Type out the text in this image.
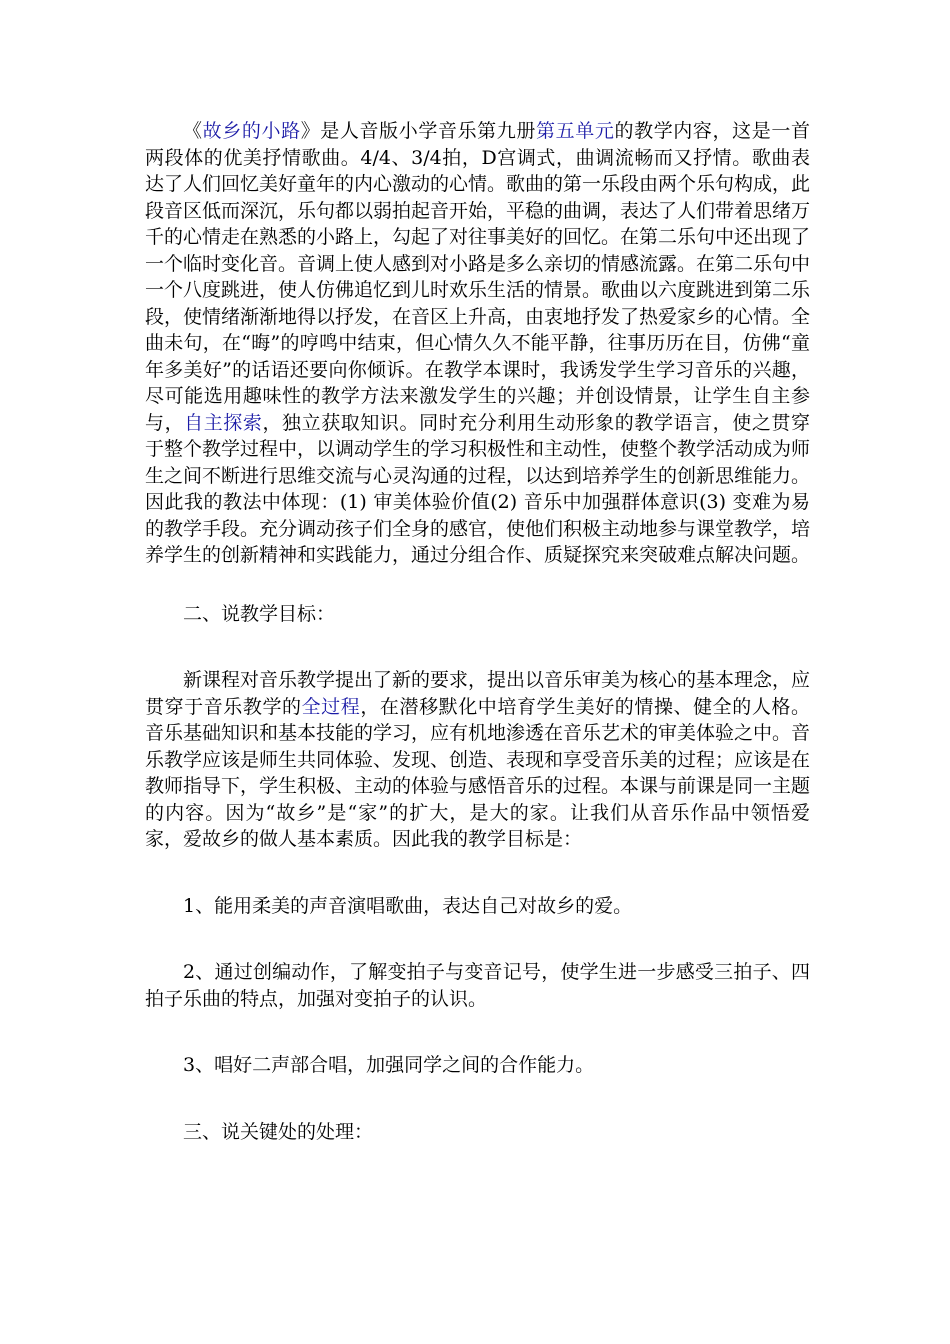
《故乡的小路》是人音版小学音乐第九册第五单元的教学内容，这是一首两段体的优美抒情歌曲。4/4、3/4拍，D宫调式，曲调流畅而又抒情。歌曲表达了人们回忆美好童年的内心激动的心情。歌曲的第一乐段由两个乐句构成，此段音区低而深沉，乐句都以弱拍起音开始，平稳的曲调，表达了人们带着思绪万千的心情走在熟悉的小路上，勾起了对往事美好的回忆。在第二乐句中还出现了一个临时变化音。音调上使人感到对小路是多么亲切的情感流露。在第二乐句中一个八度跳进，使人仿佛追忆到儿时欢乐生活的情景。歌曲以六度跳进到第二乐段，使情绪渐渐地得以抒发，在音区上升高，由衷地抒发了热爱家乡的心情。全曲未句，在“晦”的哼鸣中结束，但心情久久不能平静，往事历历在目，仿佛“童年多美好”的话语还要向你倾诉。在教学本课时，我诱发学生学习音乐的兴趣，尽可能选用趣味性的教学方法来激发学生的兴趣；并创设情景，让学生自主参与，自主探索，独立获取知识。同时充分利用生动形象的教学语言，使之贯穿于整个教学过程中，以调动学生的学习积极性和主动性，使整个教学活动成为师生之间不断进行思维交流与心灵沟通的过程，以达到培养学生的创新思维能力。因此我的教法中体现：(1) 审美体验价值(2) 音乐中加强群体意识(3) 变难为易的教学手段。充分调动孩子们全身的感官，使他们积极主动地参与课堂教学，培养学生的创新精神和实践能力，通过分组合作、质疑探究来突破难点解决问题。

二、说教学目标：

新课程对音乐教学提出了新的要求，提出以音乐审美为核心的基本理念，应贯穿于音乐教学的全过程，在潜移默化中培育学生美好的情操、健全的人格。音乐基础知识和基本技能的学习，应有机地渗透在音乐艺术的审美体验之中。音乐教学应该是师生共同体验、发现、创造、表现和享受音乐美的过程；应该是在教师指导下，学生积极、主动的体验与感悟音乐的过程。本课与前课是同一主题的内容。因为“故乡”是“家”的扩大，是大的家。让我们从音乐作品中领悟爱家，爱故乡的做人基本素质。因此我的教学目标是：

1、能用柔美的声音演唱歌曲，表达自己对故乡的爱。

2、通过创编动作，了解变拍子与变音记号，使学生进一步感受三拍子、四拍子乐曲的特点，加强对变拍子的认识。

3、唱好二声部合唱，加强同学之间的合作能力。

三、说关键处的处理：
